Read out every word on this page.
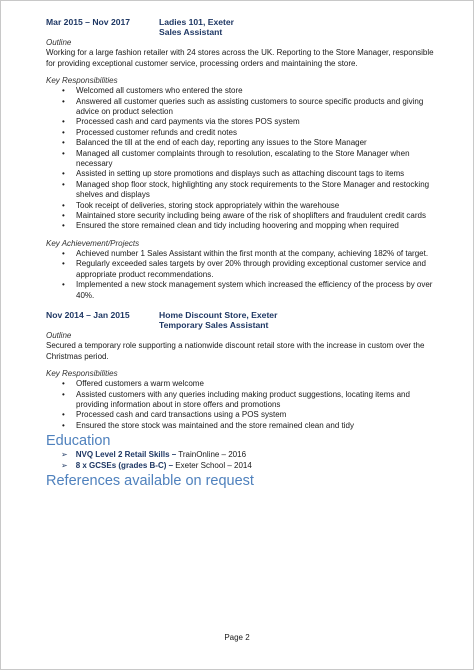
Mar 2015 – Nov 2017	Ladies 101, Exeter
Sales Assistant
Outline
Working for a large fashion retailer with 24 stores across the UK. Reporting to the Store Manager, responsible for providing exceptional customer service, processing orders and maintaining the store.
Key Responsibilities
• Welcomed all customers who entered the store
• Answered all customer queries such as assisting customers to source specific products and giving advice on product selection
• Processed cash and card payments via the stores POS system
• Processed customer refunds and credit notes
• Balanced the till at the end of each day, reporting any issues to the Store Manager
• Managed all customer complaints through to resolution, escalating to the Store Manager when necessary
• Assisted in setting up store promotions and displays such as attaching discount tags to items
• Managed shop floor stock, highlighting any stock requirements to the Store Manager and restocking shelves and displays
• Took receipt of deliveries, storing stock appropriately within the warehouse
• Maintained store security including being aware of the risk of shoplifters and fraudulent credit cards
• Ensured the store remained clean and tidy including hoovering and mopping when required
Key Achievement/Projects
• Achieved number 1 Sales Assistant within the first month at the company, achieving 182% of target.
• Regularly exceeded sales targets by over 20% through providing exceptional customer service and appropriate product recommendations.
• Implemented a new stock management system which increased the efficiency of the process by over 40%.
Nov 2014 – Jan 2015	Home Discount Store, Exeter
Temporary Sales Assistant
Outline
Secured a temporary role supporting a nationwide discount retail store with the increase in custom over the Christmas period.
Key Responsibilities
• Offered customers a warm welcome
• Assisted customers with any queries including making product suggestions, locating items and providing information about in store offers and promotions
• Processed cash and card transactions using a POS system
• Ensured the store stock was maintained and the store remained clean and tidy
Education
➢ NVQ Level 2 Retail Skills – TrainOnline – 2016
➢ 8 x GCSEs (grades B-C) – Exeter School – 2014
References available on request
Page 2
